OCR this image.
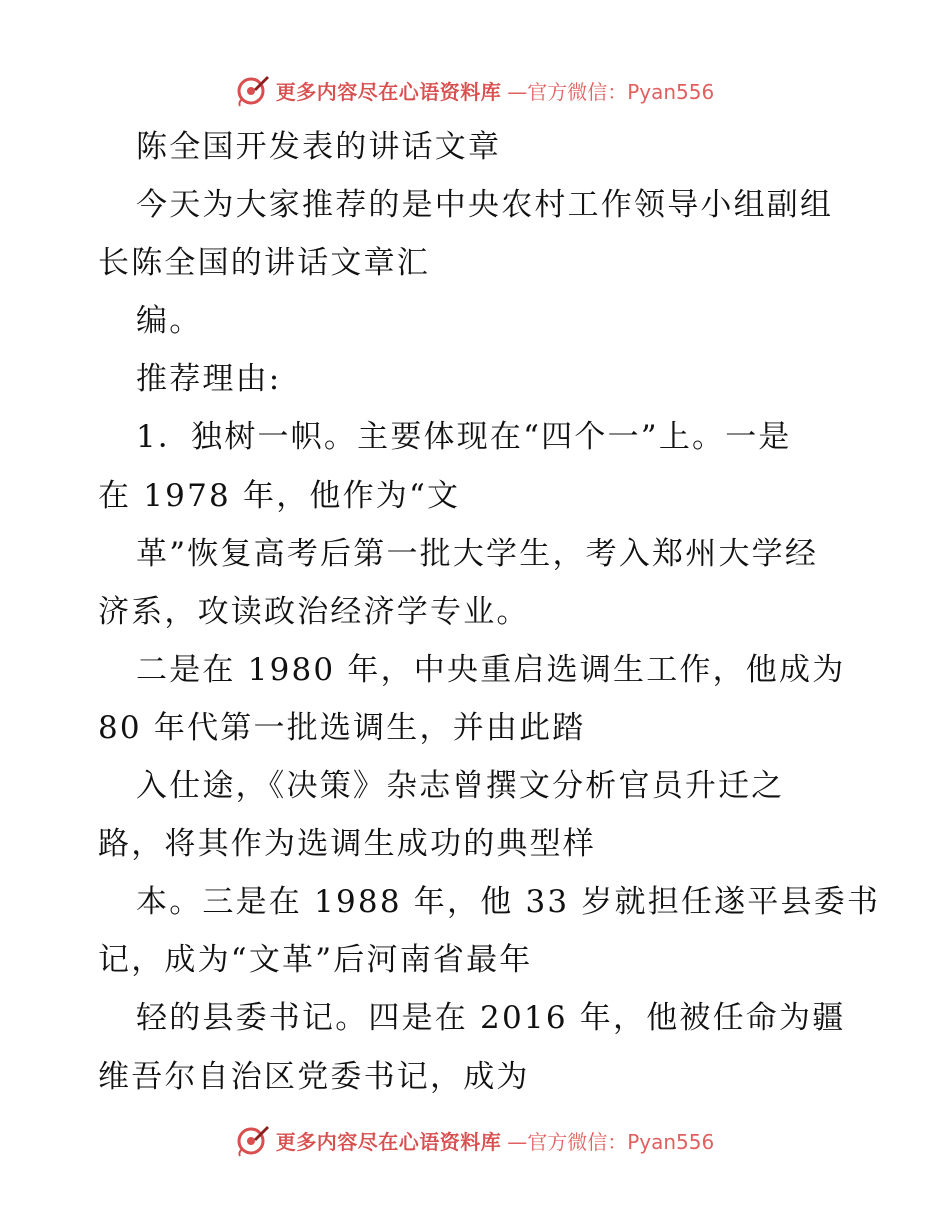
更多内容尽在心语资料库 —官方微信：Pyan556
陈全国开发表的讲话文章
今天为大家推荐的是中央农村工作领导小组副组
长陈全国的讲话文章汇
编。
推荐理由:
1．独树一帜。主要体现在“四个一”上。一是
在 1978 年，他作为“文
革”恢复高考后第一批大学生，考入郑州大学经
济系，攻读政治经济学专业。
二是在 1980 年，中央重启选调生工作，他成为
80 年代第一批选调生，并由此踏
入仕途，《决策》杂志曾撰文分析官员升迁之
路，将其作为选调生成功的典型样
本。三是在 1988 年，他 33 岁就担任遂平县委书
记，成为“文革”后河南省最年
轻的县委书记。四是在 2016 年，他被任命为疆
维吾尔自治区党委书记，成为
更多内容尽在心语资料库 —官方微信：Pyan556
